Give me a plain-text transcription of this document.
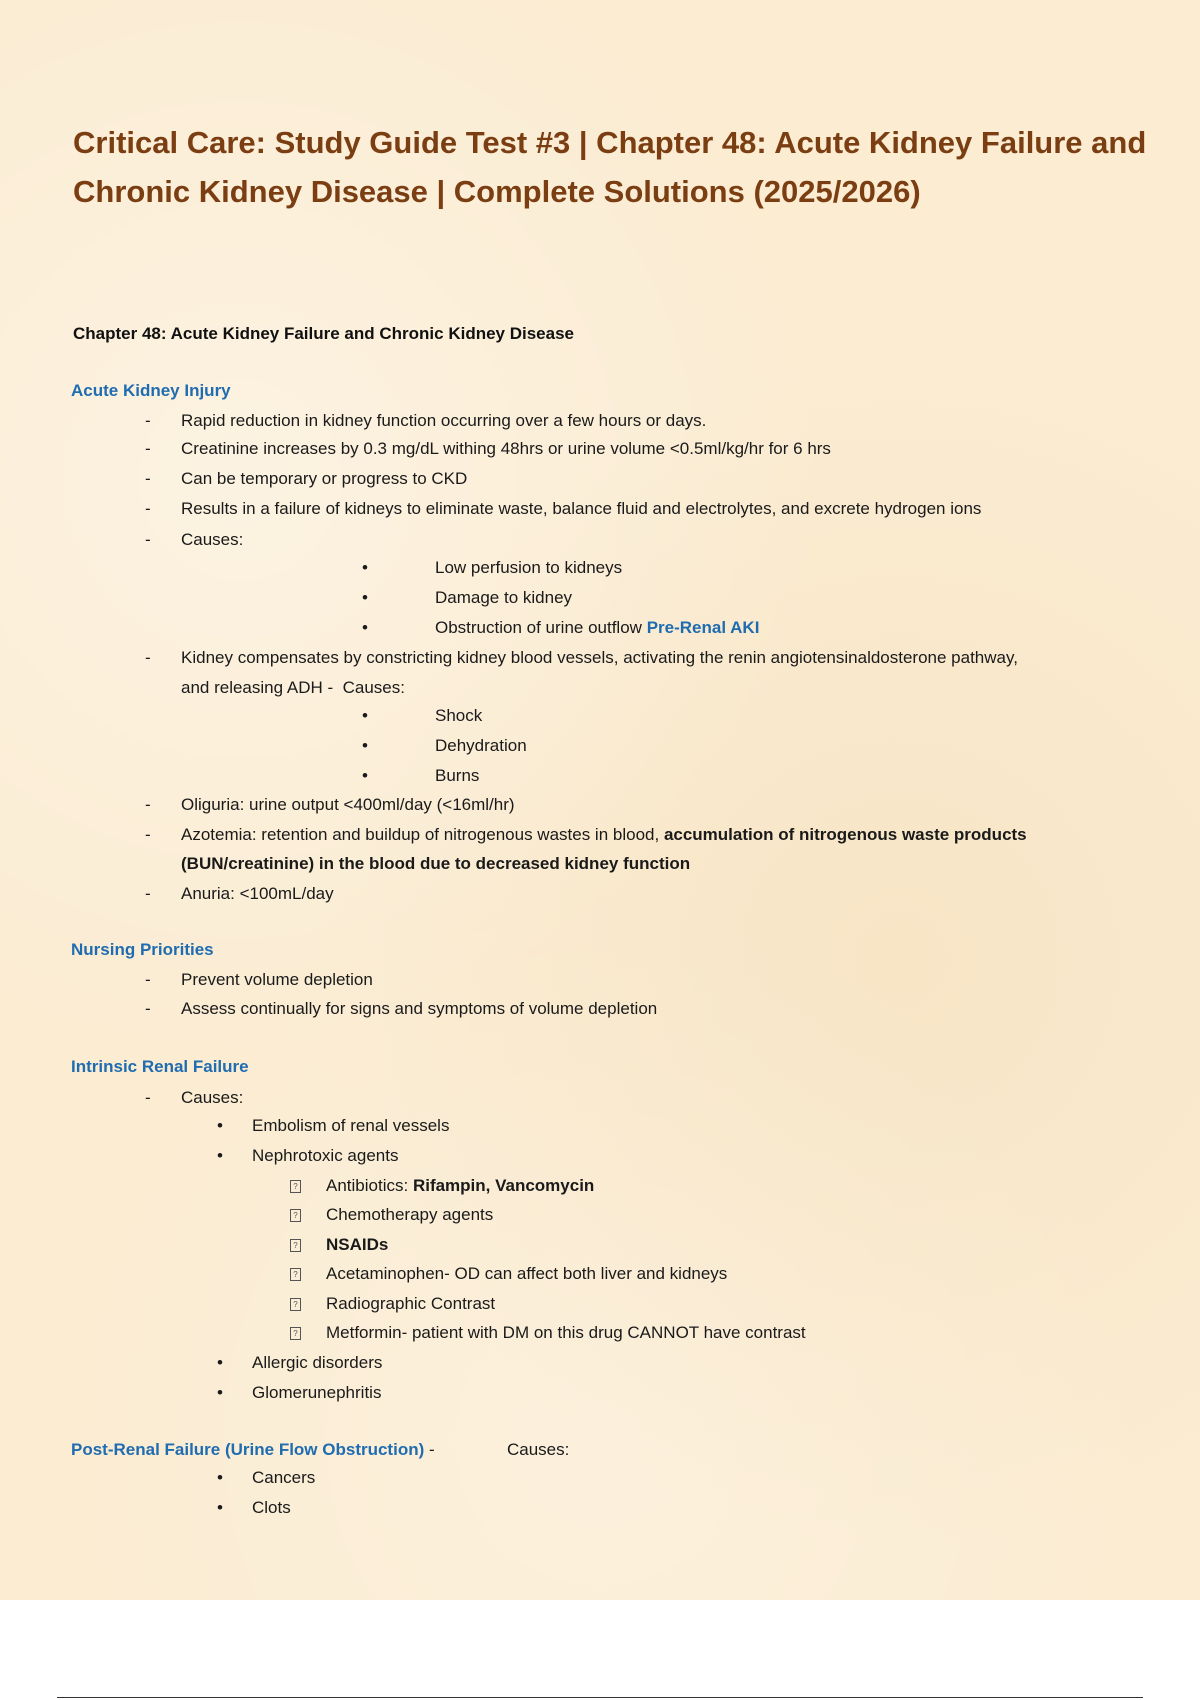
Critical Care: Study Guide Test #3 | Chapter 48: Acute Kidney Failure and Chronic Kidney Disease | Complete Solutions (2025/2026)
Chapter 48: Acute Kidney Failure and Chronic Kidney Disease
Acute Kidney Injury
- Rapid reduction in kidney function occurring over a few hours or days.
- Creatinine increases by 0.3 mg/dL withing 48hrs or urine volume <0.5ml/kg/hr for 6 hrs
- Can be temporary or progress to CKD
- Results in a failure of kidneys to eliminate waste, balance fluid and electrolytes, and excrete hydrogen ions
- Causes:
•	Low perfusion to kidneys
•	Damage to kidney
•	Obstruction of urine outflow Pre-Renal AKI
- Kidney compensates by constricting kidney blood vessels, activating the renin angiotensinaldosterone pathway,
and releasing ADH - Causes:
•	Shock
•	Dehydration
•	Burns
- Oliguria: urine output <400ml/day (<16ml/hr)
- Azotemia: retention and buildup of nitrogenous wastes in blood, accumulation of nitrogenous waste products
(BUN/creatinine) in the blood due to decreased kidney function
- Anuria: <100mL/day
Nursing Priorities
- Prevent volume depletion
- Assess continually for signs and symptoms of volume depletion
Intrinsic Renal Failure
- Causes:
• Embolism of renal vessels
• Nephrotoxic agents
? Antibiotics: Rifampin, Vancomycin
? Chemotherapy agents
? NSAIDs
? Acetaminophen- OD can affect both liver and kidneys
? Radiographic Contrast
? Metformin- patient with DM on this drug CANNOT have contrast
• Allergic disorders
• Glomerunephritis
Post-Renal Failure (Urine Flow Obstruction) -	Causes:
• Cancers
• Clots
